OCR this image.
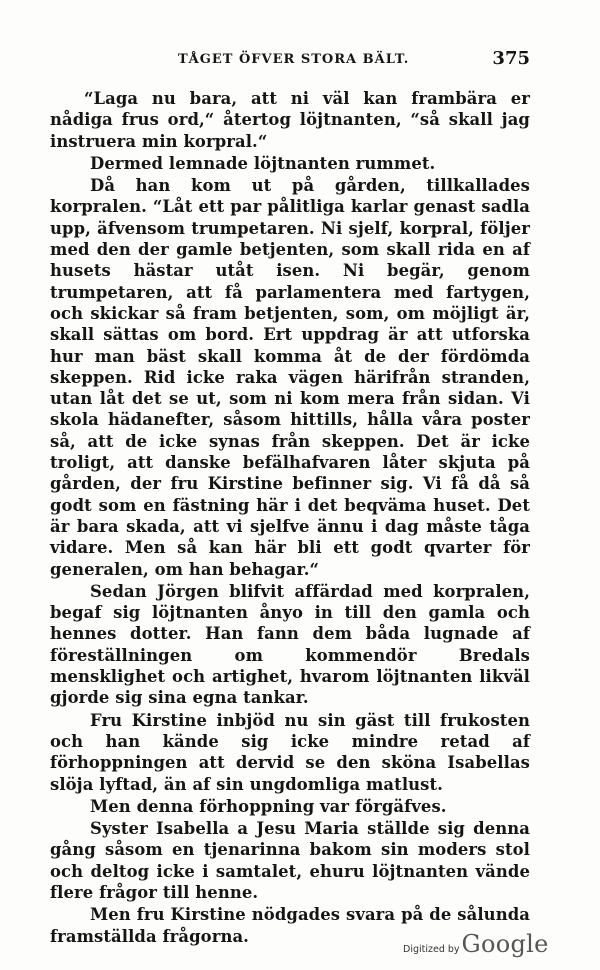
TÅGET ÖFVER STORA BÄLT.	375

“Laga nu bara, att ni väl kan frambära er nådiga frus ord,“ återtog löjtnanten, “så skall jag instruera min korpral.“

Dermed lemnade löjtnanten rummet.

Då han kom ut på gården, tillkallades korpralen. “Låt ett par pålitliga karlar genast sadla upp, äfvensom trumpetaren. Ni sjelf, korpral, följer med den der gamle betjenten, som skall rida en af husets hästar utåt isen. Ni begär, genom trumpetaren, att få parlamentera med fartygen, och skickar så fram betjenten, som, om möjligt är, skall sättas om bord. Ert uppdrag är att utforska hur man bäst skall komma åt de der fördömda skeppen. Rid icke raka vägen härifrån stranden, utan låt det se ut, som ni kom mera från sidan. Vi skola hädanefter, såsom hittills, hålla våra poster så, att de icke synas från skeppen. Det är icke troligt, att danske befälhafvaren låter skjuta på gården, der fru Kirstine befinner sig. Vi få då så godt som en fästning här i det beqväma huset. Det är bara skada, att vi sjelfve ännu i dag måste tåga vidare. Men så kan här bli ett godt qvarter för generalen, om han behagar.“

Sedan Jörgen blifvit affärdad med korpralen, begaf sig löjtnanten ånyo in till den gamla och hennes dotter. Han fann dem båda lugnade af föreställningen om kommendör Bredals mensklighet och artighet, hvarom löjtnanten likväl gjorde sig sina egna tankar.

Fru Kirstine inbjöd nu sin gäst till frukosten och han kände sig icke mindre retad af förhoppningen att dervid se den sköna Isabellas slöja lyftad, än af sin ungdomliga matlust.

Men denna förhoppning var förgäfves.

Syster Isabella a Jesu Maria ställde sig denna gång såsom en tjenarinna bakom sin moders stol och deltog icke i samtalet, ehuru löjtnanten vände flere frågor till henne.

Men fru Kirstine nödgades svara på de sålunda framställda frågorna.

Digitized by Google
